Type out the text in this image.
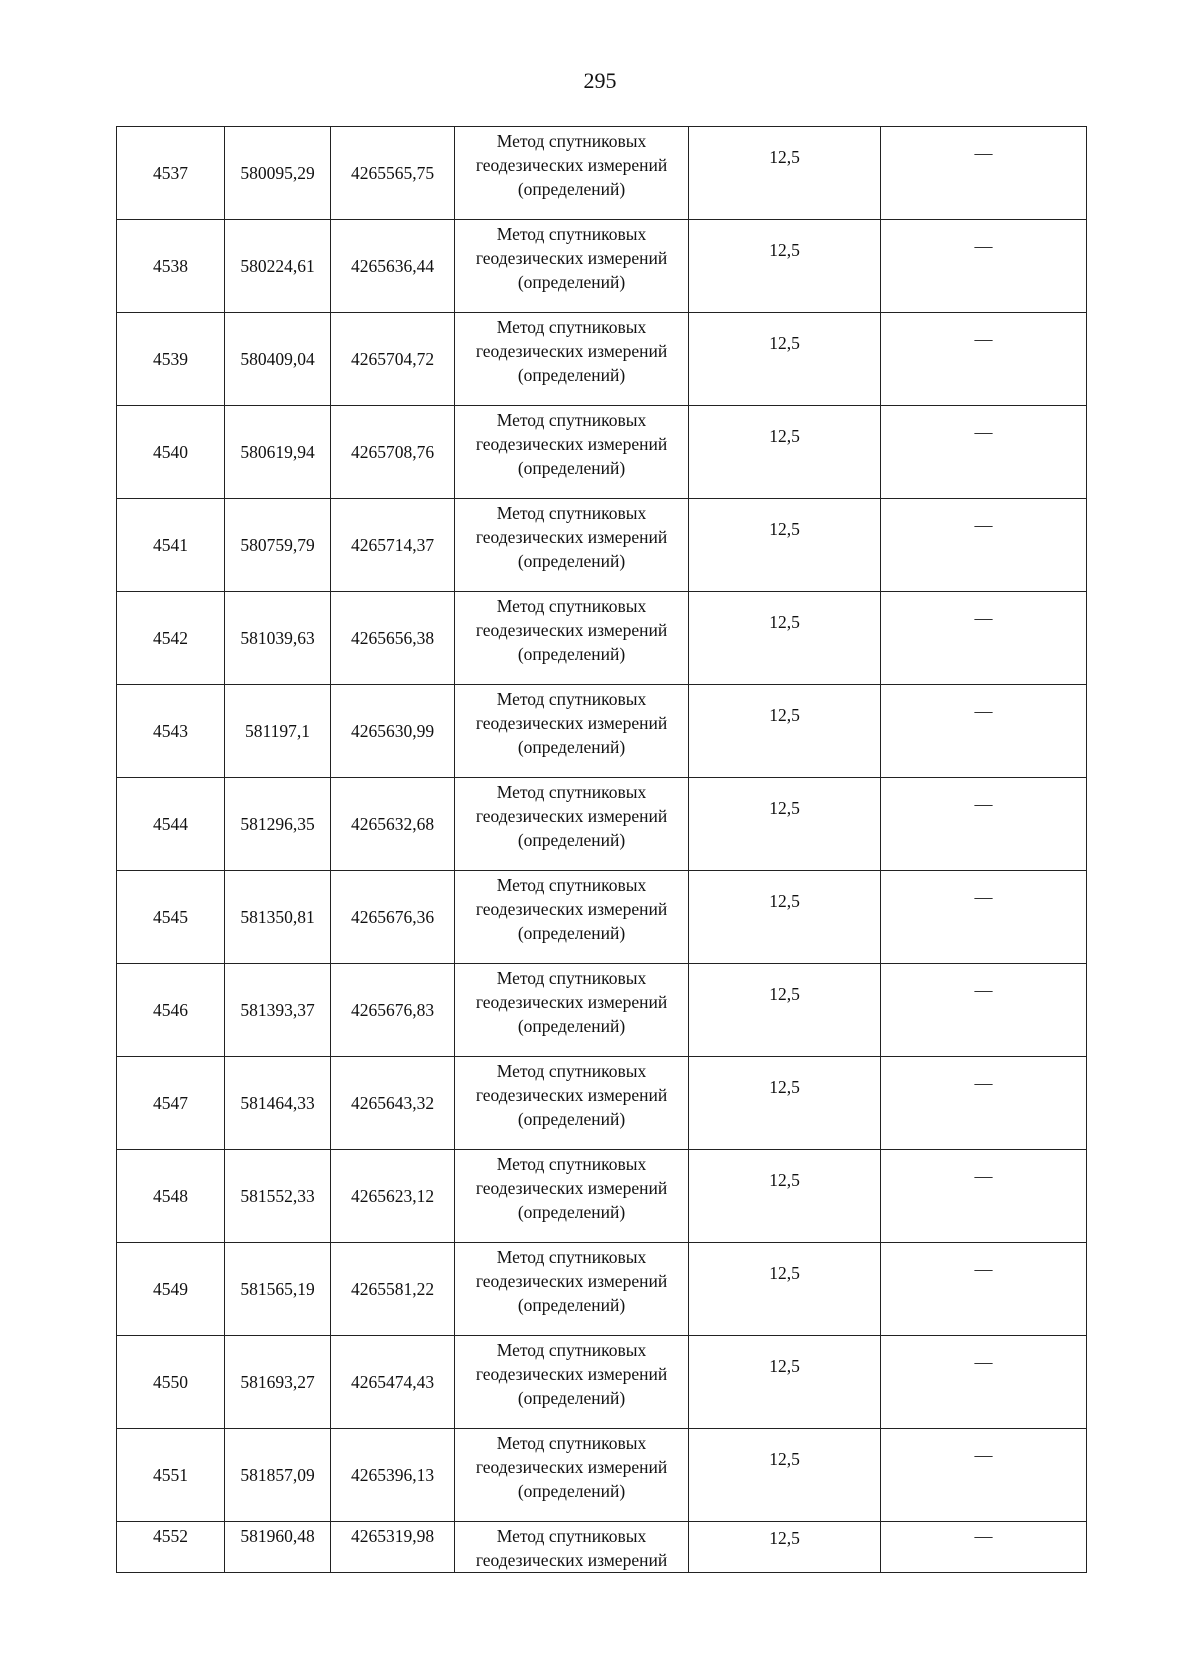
295
4537	580095,29	4265565,75	Метод спутниковых
геодезических измерений
(определений)	12,5	—

4538	580224,61	4265636,44	Метод спутниковых
геодезических измерений
(определений)	12,5	—

4539	580409,04	4265704,72	Метод спутниковых
геодезических измерений
(определений)	12,5	—

4540	580619,94	4265708,76	Метод спутниковых
геодезических измерений
(определений)	12,5	—

4541	580759,79	4265714,37	Метод спутниковых
геодезических измерений
(определений)	12,5	—

4542	581039,63	4265656,38	Метод спутниковых
геодезических измерений
(определений)	12,5	—

4543	581197,1	4265630,99	Метод спутниковых
геодезических измерений
(определений)	12,5	—

4544	581296,35	4265632,68	Метод спутниковых
геодезических измерений
(определений)	12,5	—

4545	581350,81	4265676,36	Метод спутниковых
геодезических измерений
(определений)	12,5	—

4546	581393,37	4265676,83	Метод спутниковых
геодезических измерений
(определений)	12,5	—

4547	581464,33	4265643,32	Метод спутниковых
геодезических измерений
(определений)	12,5	—

4548	581552,33	4265623,12	Метод спутниковых
геодезических измерений
(определений)	12,5	—

4549	581565,19	4265581,22	Метод спутниковых
геодезических измерений
(определений)	12,5	—

4550	581693,27	4265474,43	Метод спутниковых
геодезических измерений
(определений)	12,5	—

4551	581857,09	4265396,13	Метод спутниковых
геодезических измерений
(определений)	12,5	—

4552	581960,48	4265319,98	Метод спутниковых
геодезических измерений	12,5	—
